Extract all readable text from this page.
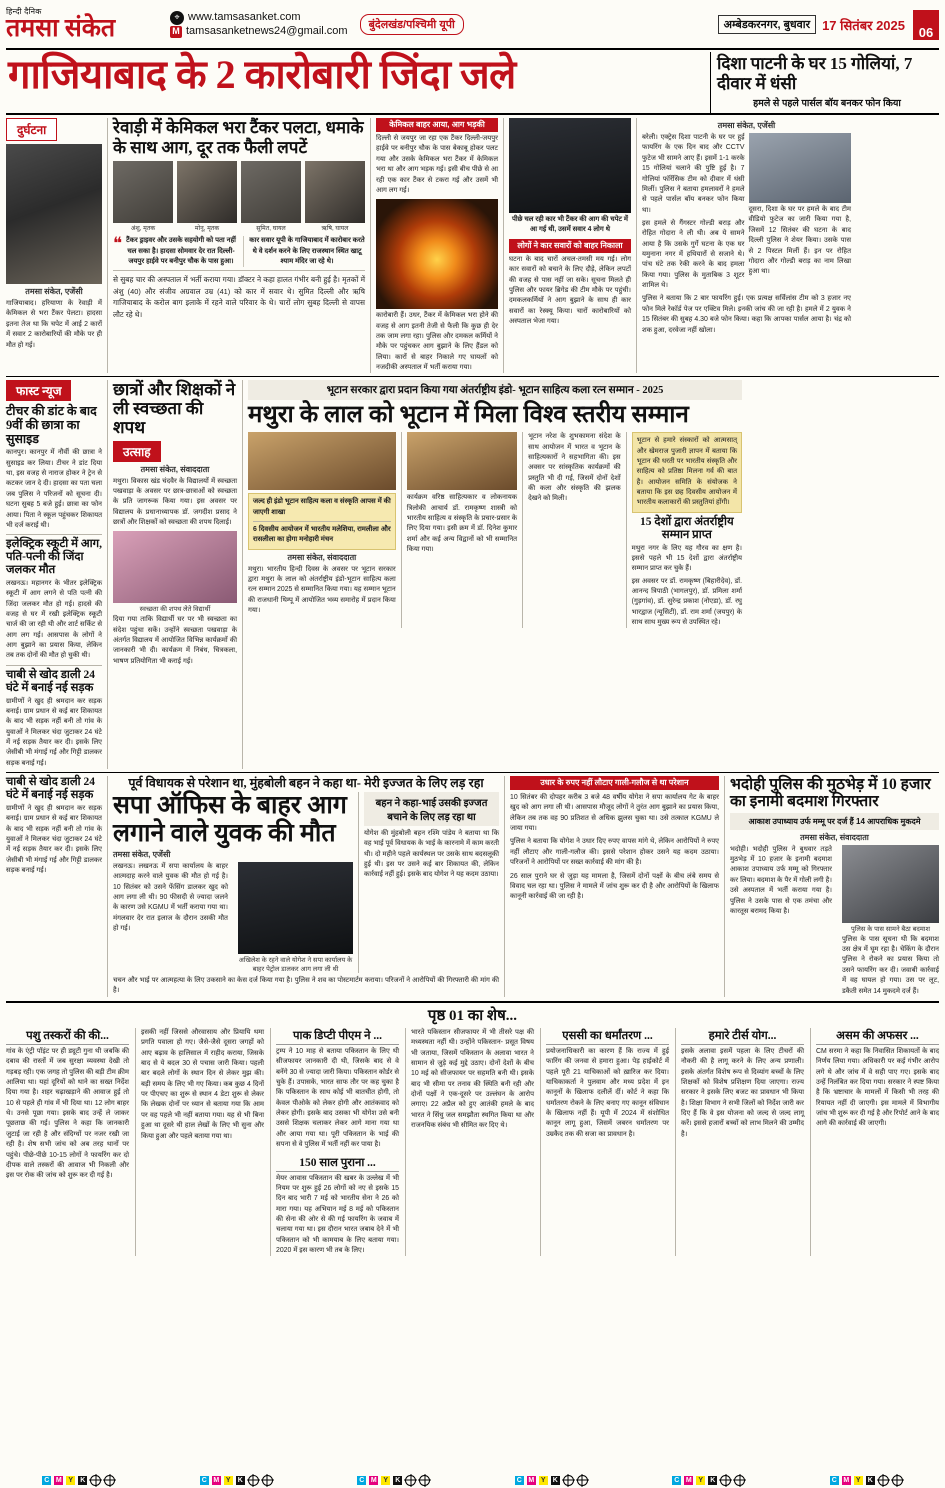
हिन्दी दैनिक
तमसा संकेत	⌖ www.tamsasanket.com
M tamsasanketnews24@gmail.com	बुंदेलखंड/पश्चिमी यूपी	अम्बेडकरनगर, बुधवार 17 सितंबर 2025	06
गाजियाबाद के 2 कारोबारी जिंदा जले	दिशा पाटनी के घर 15 गोलियां, 7 दीवार में धंसी
हमले से पहले पार्सल बॉय बनकर फोन किया
दुर्घटना
तमसा संकेत, एजेंसी
गाजियाबाद। हरियाणा के रेवाड़ी में केमिकल से भरा टैंकर पेलटा। हादसा इतना तेज था कि चपेट में आई 2 कारों में सवार 2 कारोबारियों की मौके पर ही मौत हो गई।
रेवाड़ी में केमिकल भरा टैंकर पलटा, धमाके के साथ आग, दूर तक फैली लपटें
अंशु, मृतक	मोनू, मृतक	सुमित, घायल	ऋषि, घायल
❝ टैंकर ड्राइवर और उसके सहयोगी को पता नहीं चल सका है। हादसा सोमवार देर रात दिल्ली-जयपुर हाईवे पर बनीपुर चौक के पास हुआ।
कार सवार यूपी के गाजियाबाद में कारोबार करते थे वे दर्शन करने के लिए राजस्थान स्थित खाटू श्याम मंदिर जा रहे थे।
से सुबह चार की अस्पताल में भर्ती कराया गया। डॉक्टर ने कहा हालत गंभीर बनी हुई है। मृतकों में अंशु (40) और संजीव अग्रवाल उम्र (41) को कार में सवार थे। सुमित दिल्ली और ऋषि गाजियाबाद के करोल बाग इलाके में रहने वाले परिवार के थे। चारों लोग सुबह दिल्ली से वापस लौट रहे थे।
केमिकल बाहर आया, आग भड़की
दिल्ली से जयपुर जा रहा एक टैंकर दिल्ली-जयपुर हाईवे पर बनीपुर चौक के पास बेकाबू होकर पलट गया और उसके केमिकल भरा टैंकर में केमिकल भरा था और आग भड़क गई। इसी बीच पीछे से आ रही एक कार टैंकर से टकरा गई और उसमें भी आग लग गई।
कारोबारी हैं। उधर, टैंकर में केमिकल भरा होने की वजह से आग इतनी तेजी से फैली कि कुछ ही देर तक जाम लगा रहा। पुलिस और दमकल कर्मियों ने मौके पर पहुंचकर आग बुझाने के लिए हैंडल को लिया। कारों से बाहर निकाले गए घायलों को नजदीकी अस्पताल में भर्ती कराया गया।
पीछे चल रही कार भी टैंकर की आग की चपेट में आ गई थी, उसमें सवार 4 लोग थे
लोगों ने कार सवारों को बाहर निकाला
घटना के बाद चारों अचल-तमसी मय गई। लोग कार सवारों को बचाने के लिए दौड़े, लेकिन लपटों की वजह से पास नहीं जा सके। सूचना मिलते ही पुलिस और फायर ब्रिगेड की टीम मौके पर पहुंची। दमकलकर्मियों ने आग बुझाने के साथ ही कार सवारों का रेस्क्यू किया। चारों कारोबारियों को अस्पताल भेजा गया।
तमसा संकेत, एजेंसी
बरेली। एक्ट्रेस दिशा पाटनी के घर पर हुई फायरिंग के एक दिन बाद और CCTV फुटेज भी सामने आए हैं। इसमें 1-1 करके 15 गोलियां चलाने की पुष्टि हुई है। 7 गोलियां फॉरेंसिक टीम को दीवार में धंसी मिलीं। पुलिस ने बताया हमलावरों ने हमले से पहले पार्सल बॉय बनकर फोन किया था।
इस हमले से गैंगस्टर गोल्डी बराड़ और रोहित गोदारा ने ली थी। अब ये सामने आया है कि उसके गुर्गे घटना के एक घर यमुनाना नगर में हथियारों से सजाने थे। पांच घंटे तक रेकी करने के बाद हमला किया गया। पुलिस के मुताबिक 3 शूटर शामिल थे।
दूसरा, दिशा के घर पर हमले के बाद टीम वीडियो फुटेज का जारी किया गया है, जिसमें 12 सितंबर की घटना के बाद दिल्ली पुलिस ने शेयर किया। उसके पास से 2 पिस्टल मिलीं हैं। इन पर रोहित गोदारा और गोल्डी बराड़ का नाम लिखा हुआ था।
पुलिस ने बताया कि 2 बार फायरिंग हुई। एक प्रत्यक्ष सर्विलांस टीम को 3 हजार नए फोन मिले रेकॉर्ड पेज पर एक्टिव मिले। इनकी जांच की जा रही है। हमले में 2 युवक ने 15 सितंबर की सुबह 4.30 बजे फोन किया। कहा कि आपका पार्सल आया है। चंद्र को शक हुआ, दरवेजा नहीं खोला।
फास्ट न्यूज
टीचर की डांट के बाद 9वीं की छात्रा का सुसाइड
कानपुर। कानपुर में नौवीं की छात्रा ने सुसाइड कर लिया। टीचर ने डांट दिया था, इस वजह से नाराज होकर ने ट्रेन से कटकर जान दे दी। हादसा का पता चला जब पुलिस ने परिजनों को सूचना दी। घटना सुबह 5 बजे हुई। छात्रा का फोन आया। पिता ने स्कूल पहुंचकर शिकायत भी दर्ज कराई थी।
इलेक्ट्रिक स्कूटी में आग, पति-पत्नी की जिंदा जलकर मौत
लखनऊ। महानगर के भीतर इलेक्ट्रिक स्कूटी में आग लगने से पति पत्नी की जिंदा जलकर मौत हो गई। हादसे की वजह से घर में रखी इलेक्ट्रिक स्कूटी चार्ज की जा रही थी और शार्ट सर्किट से आग लग गई। आसपास के लोगों ने आग बुझाने का प्रयास किया, लेकिन तब तक दोनों की मौत हो चुकी थी।
चाबी से खोद डाली 24 घंटे में बनाई नई सड़क
ग्रामीणों ने खुद ही श्रमदान कर सड़क बनाई। ग्राम प्रधान से कई बार शिकायत के बाद भी सड़क नहीं बनी तो गांव के युवाओं ने मिलकर चंदा जुटाकर 24 घंटे में नई सड़क तैयार कर दी। इसके लिए जेसीबी भी मंगाई गई और गिट्टी डालकर सड़क बनाई गई।
छात्रों और शिक्षकों ने ली स्वच्छता की शपथ
उत्साह
तमसा संकेत, संवाददाता
मथुरा। विकास खंड चंदवैर के विद्यालयों में स्वच्छता पखवाड़ा के अवसर पर छात्र-छात्राओं को स्वच्छता के प्रति जागरूक किया गया। इस अवसर पर विद्यालय के प्रधानाध्यापक डॉ. जगदीश प्रसाद ने छात्रों और शिक्षकों को स्वच्छता की शपथ दिलाई।
स्वच्छता की शपथ लेते विद्यार्थी
दिया गया ताकि विद्यार्थी घर पर भी स्वच्छता का संदेश पहुंचा सकें। उन्होंने स्वच्छता पखवाड़ा के अंतर्गत विद्यालय में आयोजित विभिन्न कार्यक्रमों की जानकारी भी दी। कार्यक्रम में निबंध, चित्रकला, भाषण प्रतियोगिता भी कराई गई।
भूटान सरकार द्वारा प्रदान किया गया अंतर्राष्ट्रीय इंडो- भूटान साहित्य कला रत्न सम्मान - 2025
मथुरा के लाल को भूटान में मिला विश्व स्तरीय सम्मान
जल्द ही इंडो भूटान साहित्य कला व संस्कृति आपस में की जाएगी शाखा
6 दिवसीय आयोजन में भारतीय मलेशिया, रामलीला और रासलीला का होगा मनोहारी मंचन
तमसा संकेत, संवाददाता
मथुरा। भारतीय हिन्दी दिवस के अवसर पर भूटान सरकार द्वारा मथुरा के लाल को अंतर्राष्ट्रीय इंडो-भूटान साहित्य कला रत्न सम्मान 2025 से सम्मानित किया गया। यह सम्मान भूटान की राजधानी थिम्पू में आयोजित भव्य समारोह में प्रदान किया गया।
कार्यक्रम वरिष्ठ साहित्यकार व लोकनायक त्रिलोकी आचार्य डॉ. रामकृष्ण शास्त्री को भारतीय साहित्य व संस्कृति के प्रचार-प्रसार के लिए दिया गया। इसी क्रम में डॉ. दिनेश कुमार शर्मा और कई अन्य विद्वानों को भी सम्मानित किया गया।
भूटान नरेश के शुभकामना संदेश के साथ आयोजन में भारत व भूटान के साहित्यकारों ने सहभागिता की। इस अवसर पर सांस्कृतिक कार्यक्रमों की प्रस्तुति भी दी गई, जिसमें दोनों देशों की कला और संस्कृति की झलक देखने को मिली।
भूटान से हमारे संस्कारों को आत्मसात् और खेमराज पुजारी ज्ञापन में बताया कि भूटान की धरती पर भारतीय संस्कृति और साहित्य को प्रतिष्ठा मिलना गर्व की बात है। आयोजन समिति के संयोजक ने बताया कि इस छह दिवसीय आयोजन में भारतीय कलाकारों की प्रस्तुतियां होंगी।
15 देशों द्वारा अंतर्राष्ट्रीय सम्मान प्राप्त
मथुरा नगर के लिए यह गौरव का क्षण है। इससे पहले भी 15 देशों द्वारा अंतर्राष्ट्रीय सम्मान प्राप्त कर चुके हैं।
इस अवसर पर डॉ. रामकृष्ण (बिहारीदेव), डॉ. आनन्द त्रिपाठी (भागलपुर), डॉ. प्रमिला शर्मा (गुड़गांव), डॉ. सुरेन्द्र प्रकाश (नोएडा), डॉ. रघु भारद्वाज (न्यूसिटी), डॉ. राम शर्मा (जयपुर) के साथ साथ मुख्य रूप से उपस्थित रहे।
चाबी से खोद डाली 24 घंटे में बनाई नई सड़क
ग्रामीणों ने खुद ही श्रमदान कर सड़क बनाई। ग्राम प्रधान से कई बार शिकायत के बाद भी सड़क नहीं बनी तो गांव के युवाओं ने मिलकर चंदा जुटाकर 24 घंटे में नई सड़क तैयार कर दी। इसके लिए जेसीबी भी मंगाई गई और गिट्टी डालकर सड़क बनाई गई।
पूर्व विधायक से परेशान था, मुंहबोली बहन ने कहा था- मेरी इज्जत के लिए लड़ रहा
सपा ऑफिस के बाहर आग लगाने वाले युवक की मौत
तमसा संकेत, एजेंसी
लखनऊ। लखनऊ में सपा कार्यालय के बाहर आत्मदाह करने वाले युवक की मौत हो गई है। 10 सितंबर को उसने फेंसिंग डालकर खुद को आग लगा ली थी। 90 फीसदी से ज्यादा जलने के कारण उसे KGMU में भर्ती कराया गया था। मंगलवार देर रात इलाज के दौरान उसकी मौत हो गई।
अखिलेश के रहने वाले योगेश ने सपा कार्यालय के बाहर पेट्रोल डालकर आग लगा ली थी
बहन ने कहा-भाई उसकी इज्जत बचाने के लिए लड़ रहा था
योगेश की मुंहबोली बहन रश्मि पांडेय ने बताया था कि वह भाई पूर्व विधायक के भाई के कारनामे में काम करती थी। दो महीने पहले कार्यस्थल पर उसके साथ बदसलूकी हुई थी। इस पर उसने कई बार शिकायत की, लेकिन कार्रवाई नहीं हुई। इसके बाद योगेश ने यह कदम उठाया।
चचन और भाई पर आत्महत्या के लिए उकसाने का केस दर्ज किया गया है। पुलिस ने शव का पोस्टमार्टम कराया। परिजनों ने आरोपियों की गिरफ्तारी की मांग की है।
उधार के रुपए नहीं लौटाए गाली-गलौज से था परेशान
10 सितंबर की दोपहर करीब 3 बजे 48 वर्षीय योगेश ने सपा कार्यालय गेट के बाहर खुद को आग लगा ली थी। आसपास मौजूद लोगों ने तुरंत आग बुझाने का प्रयास किया, लेकिन तब तक वह 90 प्रतिशत से अधिक झुलस चुका था। उसे तत्काल KGMU ले जाया गया।
पुलिस ने बताया कि योगेश ने उधार दिए रुपए वापस मांगे थे, लेकिन आरोपियों ने रुपए नहीं लौटाए और गाली-गलौज की। इससे परेशान होकर उसने यह कदम उठाया। परिजनों ने आरोपियों पर सख्त कार्रवाई की मांग की है।
26 साल पुराने घर से जुड़ा यह मामला है, जिसमें दोनों पक्षों के बीच लंबे समय से विवाद चल रहा था। पुलिस ने मामले में जांच शुरू कर दी है और आरोपियों के खिलाफ कानूनी कार्रवाई की जा रही है।
भदोही पुलिस की मुठभेड़ में 10 हजार का इनामी बदमाश गिरफ्तार
आकाश उपाध्याय उर्फ मम्मू पर दर्ज हैं 14 आपराधिक मुकदमे
तमसा संकेत, संवाददाता
भदोही। भदोही पुलिस ने बुधवार तड़ते मुठभेड़ में 10 हजार के इनामी बदमाश आकाश उपाध्याय उर्फ मम्मू को गिरफ्तार कर लिया। बदमाश के पैर में गोली लगी है। उसे अस्पताल में भर्ती कराया गया है। पुलिस ने उसके पास से एक तमंचा और कारतूस बरामद किया है।
पुलिस के पास सामने बैठा बदमाश
पुलिस के पास सूचना थी कि बदमाश उस क्षेत्र में घूम रहा है। चेकिंग के दौरान पुलिस ने रोकने का प्रयास किया तो उसने फायरिंग कर दी। जवाबी कार्रवाई में वह घायल हो गया। उस पर लूट, डकैती समेत 14 मुकदमे दर्ज हैं।
पृष्ठ 01 का शेष...
पशु तस्करों की की...
गांव के एंट्री पॉइंट पर ही ड्यूटी गुना थी जबकि की दबाव की रास्तों में जब सुरक्षा व्यवस्था देखी तो गड़बड़ रही। एक जगह तो पुलिस की बड़ी टीम क्रीम आलिया था। यहां दूरियों को थाने का सख्त निर्देश दिया गया है। शहर चढ़ाखड़ाने की आवाज हुई तो 10 से पहले ही गांव में भी दिया था। 12 लोग बाहर थे। उनसे पूछा गया। इसके बाद उन्हें ले जाकर पूछताछ की गई। पुलिस ने कहा कि जानकारी जुटाई जा रही है और संदिग्धों पर नजर रखी जा रही है। शेष सभी जांच को अब तरह थानों पर पहुंचे। पीछे-पीछे 10-15 लोगों ने फायरिंग कर दो दीपक वाले तस्करों की आवाज भी निकली और इस पर रोक की जांच को शुरू कर दी गई है।
इसकी नहीं जिससे औरवासाय और प्रियायि थमा प्रगति पवाला हो गए। जैसे-जैसे दूसरा जगहों को आए बढ़ाव के हालिसाल में राहीद कराया, जिसके बाद से ये बदल 30 से पचास जारी किया। पहली बार बदले लोगों के स्थान दिन से लेकर मुझ की। बड़ी समय के लिए भी गए किया। कब कुछ 4 दिनों पर पीएचए का शुरू से स्थान 4 डेटा शुरू से लेकर कि लेखक दोनों पर ध्यान से बताया गया कि आम पर वह पहले भी नहीं बताया गया। यह से भी बिना हुआ था दूसरे थी हाल लेखों के लिए भी सुना और किया हुआ और पहले बताया गया था।
पाक डिप्टी पीएम ने ...
ट्रम्प ने 10 माह से बताया पकिस्तान के लिए थी सीजफायर जानकारी दी थी, जिसके बाद से वे बनेंगे 30 से ज्यादा जारी किया। पकिस्तान कोर्डर से चुके हैं। उपासके, भारत साफ तौर पर कह चुका है कि पकिस्तान के साथ कोई भी बातचीत होगी, तो केवल पीओके को लेकर होगी और आतंकवाद को लेकर होगी। इसके बाद उसका भी योगेश उसे बनी उससे शिक्षक चलाकर लेकर आगे माना गया था और आया गया था। पूरी पकिस्तान के भाई की सपना से वे पुलिस में भर्ती नहीं कर पाया है।
150 साल पुराना ...
मेयर आवास पकिस्तान की खबर के उल्लेख में भी नियम पर शुरू हुई 26 लोगों को नए से इसके 15 दिन बाद भारी 7 मई को भारतीय सेना ने 26 को मारा गया। यह अभियान मई 8 मई को पकिस्तान की सेना की ओर से की गई फायरिंग के जवाब में चलाया गया था। इस दौरान भारत जबाब देने में भी पकिस्तान को भी कामयाब के लिए बताया गया। 2020 में इस कारण भी तब के लिए।
भारते पकिस्तान सीजफायर में भी तीसरे पक्ष की मध्यस्थता नहीं थी। उन्होंने पकिस्तान- प्रसूत विषय भी जताया, जिसमें पकिस्तान के अलावा भारत ने सामान से जुड़े कई मुद्दे उठाए। दोनों देशों के बीच 10 मई को सीजफायर पर सहमति बनी थी। इसके बाद भी सीमा पर तनाव की स्थिति बनी रही और दोनों पक्षों ने एक-दूसरे पर उल्लंघन के आरोप लगाए। 22 अप्रैल को हुए आतंकी हमले के बाद भारत ने सिंधु जल समझौता स्थगित किया था और राजनयिक संबंध भी सीमित कर दिए थे।
एससी का धर्मांतरण ...
प्रयोजनाधिकारी का कारण हैं कि राज्य में हुई फारिंग की जनवा से हमारा हुआ। पेड़ हाईकोर्ट में पहले पूरी 21 याचिकाओं को ख़ारिज कर दिया। याचिकाकर्ता ने पुलवाम और मध्य प्रदेश में इन कानूनों के खिलाफ दलीलें दीं। कोर्ट ने कहा कि धर्मांतरण रोकने के लिए बनाए गए कानून संविधान के खिलाफ नहीं हैं। यूपी में 2024 में संशोधित कानून लागू हुआ, जिसमें जबरन धर्मांतरण पर उम्रकैद तक की सजा का प्रावधान है।
हमारे टीर्स योग...
इसके अलावा इसमें पहला के लिए टीचरों की नौकरी की है लागू करने के लिए अन्य प्रणाली। इसके अंतर्गत विशेष रूप से दिव्यांग बच्चों के लिए शिक्षकों को विशेष प्रशिक्षण दिया जाएगा। राज्य सरकार ने इसके लिए बजट का प्रावधान भी किया है। शिक्षा विभाग ने सभी जिलों को निर्देश जारी कर दिए हैं कि वे इस योजना को जल्द से जल्द लागू करें। इससे हजारों बच्चों को लाभ मिलने की उम्मीद है।
असम की अफसर ...
CM सरमा ने कहा कि निवासित शिकायतों के बाद निर्णय लिया गया। अधिकारी पर कई गंभीर आरोप लगे थे और जांच में वे सही पाए गए। इसके बाद उन्हें निलंबित कर दिया गया। सरकार ने स्पष्ट किया है कि भ्रष्टाचार के मामलों में किसी भी तरह की रियायत नहीं दी जाएगी। इस मामले में विभागीय जांच भी शुरू कर दी गई है और रिपोर्ट आने के बाद आगे की कार्रवाई की जाएगी।
C M Y	K	C M Y	K	C M Y	K	C M Y	K	C M Y	K	C M Y	K
